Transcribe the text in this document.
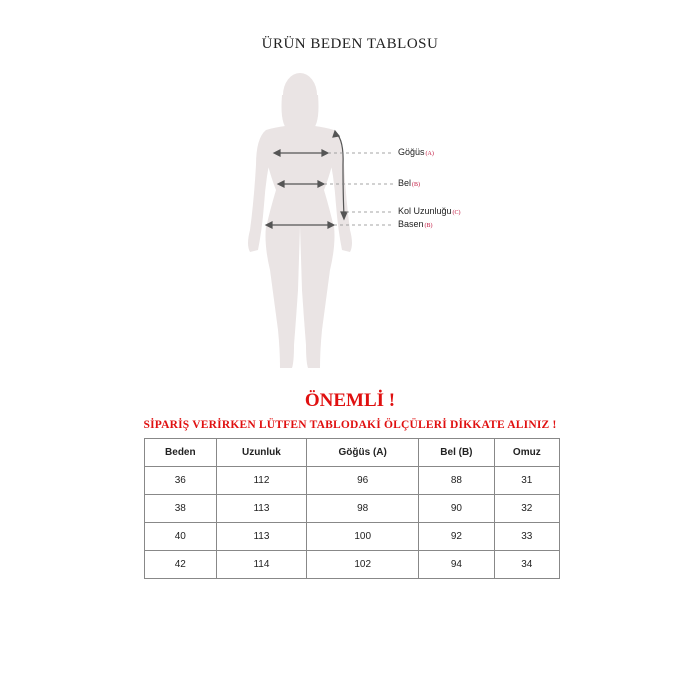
ÜRÜN BEDEN TABLOSU
Göğüs(A)
Bel(B)
Kol Uzunluğu(C)
Basen(B)
ÖNEMLİ !
SİPARİŞ VERİRKEN LÜTFEN TABLODAKİ ÖLÇÜLERİ DİKKATE ALINIZ !
Beden	Uzunluk	Göğüs (A)	Bel (B)	Omuz
36	112	96	88	31
38	113	98	90	32
40	113	100	92	33
42	114	102	94	34
